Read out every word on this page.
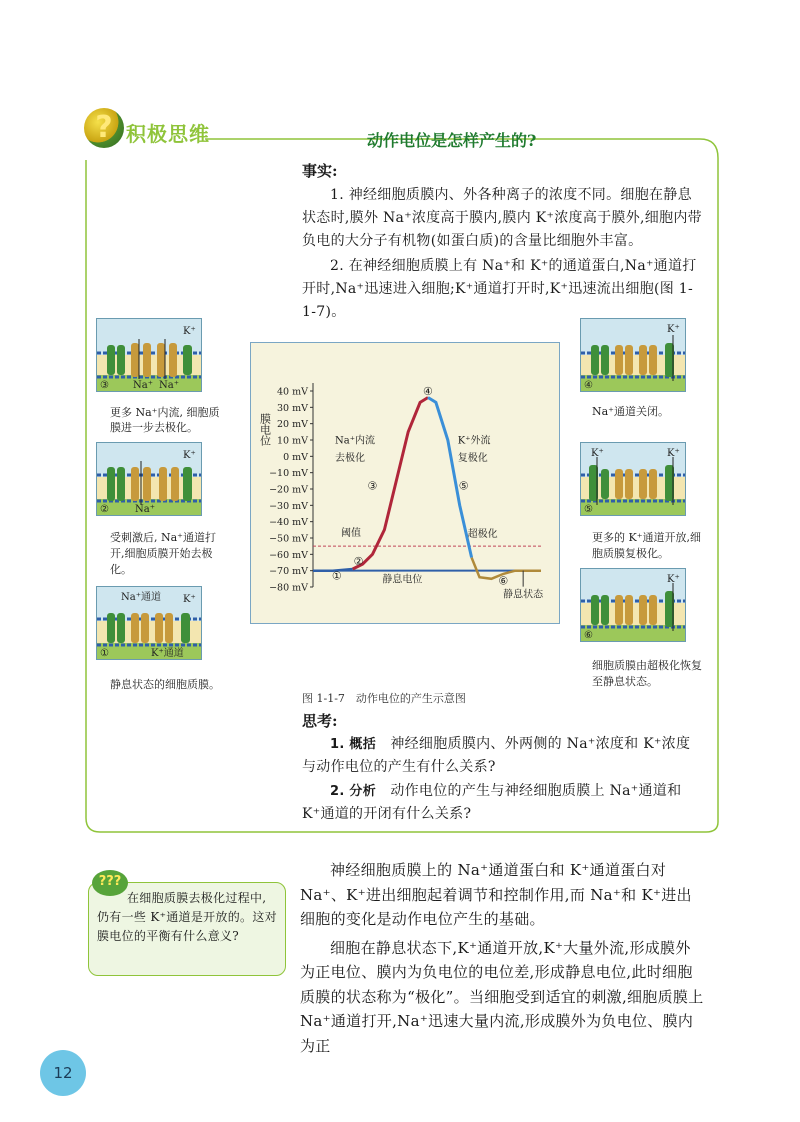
? 积极思维	动作电位是怎样产生的?
事实:

1. 神经细胞质膜内、外各种离子的浓度不同。细胞在静息状态时,膜外 Na⁺浓度高于膜内,膜内 K⁺浓度高于膜外,细胞内带负电的大分子有机物(如蛋白质)的含量比细胞外丰富。

2. 在神经细胞质膜上有 Na⁺和 K⁺的通道蛋白,Na⁺通道打开时,Na⁺迅速进入细胞;K⁺通道打开时,K⁺迅速流出细胞(图 1-1-7)。

③
K⁺
Na⁺ Na⁺
更多 Na⁺内流, 细胞质膜进一步去极化。
②
K⁺
Na⁺
受刺激后, Na⁺通道打开,细胞质膜开始去极化。
①
Na⁺通道 K⁺
K⁺通道
静息状态的细胞质膜。
④
K⁺
Na⁺通道关闭。
⑤
K⁺	K⁺
更多的 K⁺通道开放,细胞质膜复极化。
⑥
K⁺
细胞质膜由超极化恢复至静息状态。
40 mV
30 mV
20 mV
10 mV
0 mV
−10 mV
−20 mV
−30 mV
−40 mV
−50 mV
−60 mV
−70 mV
−80 mV
膜电位
阈值
Na⁺内流
去极化
K⁺外流
复极化
超极化
静息电位
静息状态
①
②
③
④
⑤
⑥
图 1-1-7　动作电位的产生示意图
思考:

1. 概括　 神经细胞质膜内、外两侧的 Na⁺浓度和 K⁺浓度与动作电位的产生有什么关系?

2. 分析　 动作电位的产生与神经细胞质膜上 Na⁺通道和 K⁺通道的开闭有什么关系?

在细胞质膜去极化过程中,仍有一些 K⁺通道是开放的。这对膜电位的平衡有什么意义?
???

神经细胞质膜上的 Na⁺通道蛋白和 K⁺通道蛋白对 Na⁺、K⁺进出细胞起着调节和控制作用,而 Na⁺和 K⁺进出细胞的变化是动作电位产生的基础。

细胞在静息状态下,K⁺通道开放,K⁺大量外流,形成膜外为正电位、膜内为负电位的电位差,形成静息电位,此时细胞质膜的状态称为“极化”。当细胞受到适宜的刺激,细胞质膜上 Na⁺通道打开,Na⁺迅速大量内流,形成膜外为负电位、膜内为正

12
